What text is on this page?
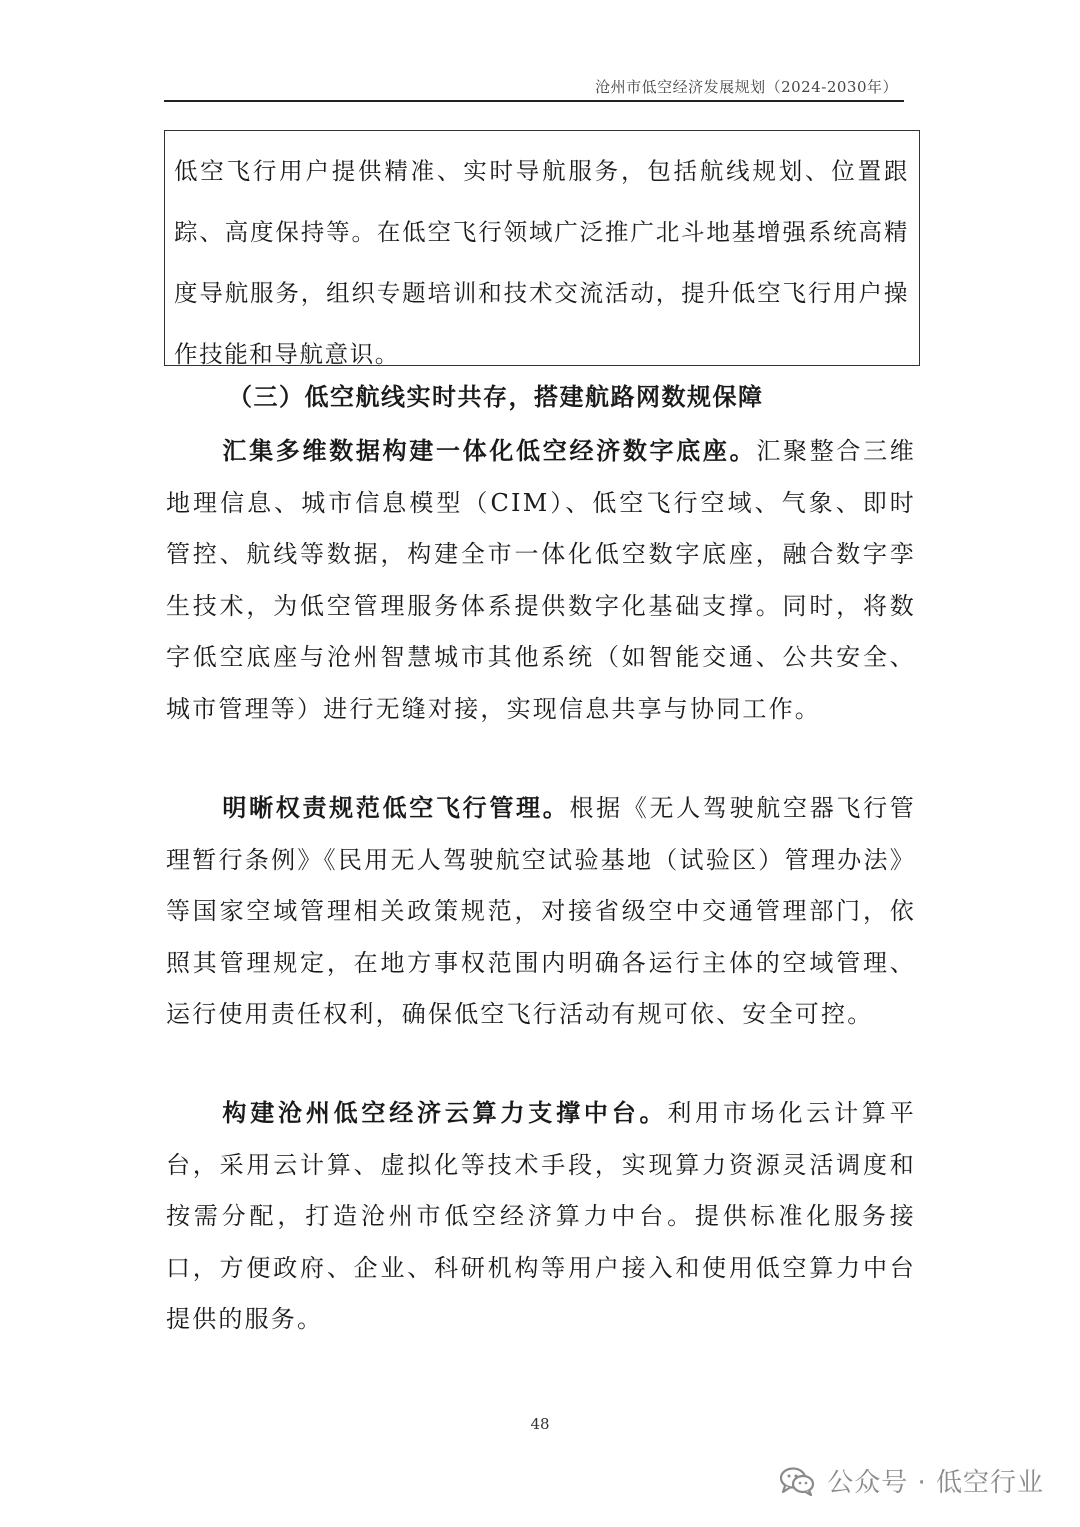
沧州市低空经济发展规划（2024-2030年）

低空飞行用户提供精准、实时导航服务，包括航线规划、位置跟踪、高度保持等。在低空飞行领域广泛推广北斗地基增强系统高精度导航服务，组织专题培训和技术交流活动，提升低空飞行用户操作技能和导航意识。

（三）低空航线实时共存，搭建航路网数规保障

汇集多维数据构建一体化低空经济数字底座。汇聚整合三维地理信息、城市信息模型（CIM）、低空飞行空域、气象、即时管控、航线等数据，构建全市一体化低空数字底座，融合数字孪生技术，为低空管理服务体系提供数字化基础支撑。同时，将数字低空底座与沧州智慧城市其他系统（如智能交通、公共安全、城市管理等）进行无缝对接，实现信息共享与协同工作。

明晰权责规范低空飞行管理。根据《无人驾驶航空器飞行管理暂行条例》《民用无人驾驶航空试验基地（试验区）管理办法》等国家空域管理相关政策规范，对接省级空中交通管理部门，依照其管理规定，在地方事权范围内明确各运行主体的空域管理、运行使用责任权利，确保低空飞行活动有规可依、安全可控。

构建沧州低空经济云算力支撑中台。利用市场化云计算平台，采用云计算、虚拟化等技术手段，实现算力资源灵活调度和按需分配，打造沧州市低空经济算力中台。提供标准化服务接口，方便政府、企业、科研机构等用户接入和使用低空算力中台提供的服务。

48
公众号 · 低空行业
